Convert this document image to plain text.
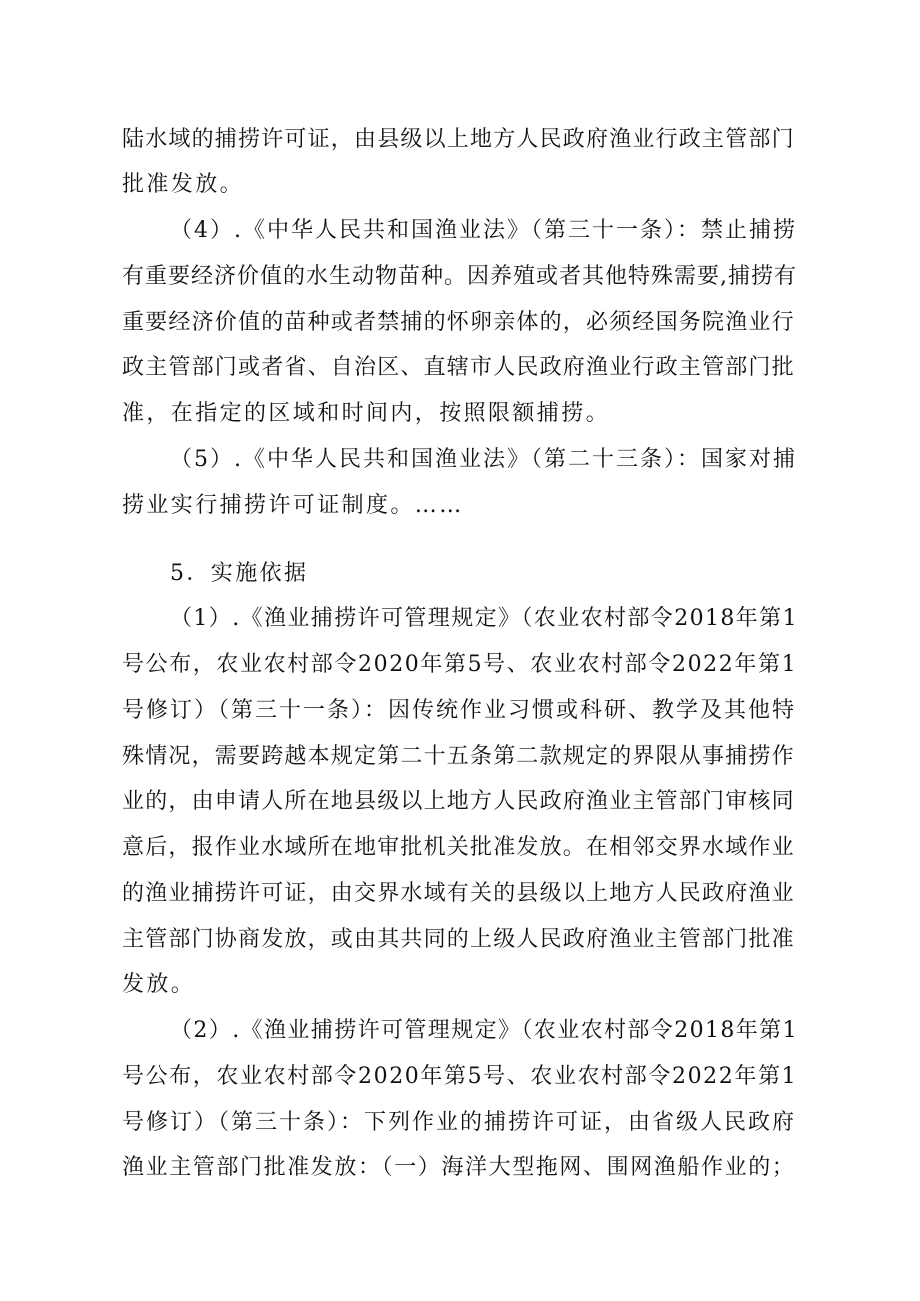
陆水域的捕捞许可证，由县级以上地方人民政府渔业行政主管部门

批准发放。

（4）.《中华人民共和国渔业法》（第三十一条）：禁止捕捞

有重要经济价值的水生动物苗种。因养殖或者其他特殊需要,捕捞有

重要经济价值的苗种或者禁捕的怀卵亲体的，必须经国务院渔业行

政主管部门或者省、自治区、直辖市人民政府渔业行政主管部门批

准，在指定的区域和时间内，按照限额捕捞。

（5）.《中华人民共和国渔业法》（第二十三条）：国家对捕

捞业实行捕捞许可证制度。……

5．实施依据

（1）.《渔业捕捞许可管理规定》（农业农村部令2018年第1

号公布，农业农村部令2020年第5号、农业农村部令2022年第1

号修订）（第三十一条）：因传统作业习惯或科研、教学及其他特

殊情况，需要跨越本规定第二十五条第二款规定的界限从事捕捞作

业的，由申请人所在地县级以上地方人民政府渔业主管部门审核同

意后，报作业水域所在地审批机关批准发放。在相邻交界水域作业

的渔业捕捞许可证，由交界水域有关的县级以上地方人民政府渔业

主管部门协商发放，或由其共同的上级人民政府渔业主管部门批准

发放。

（2）.《渔业捕捞许可管理规定》（农业农村部令2018年第1

号公布，农业农村部令2020年第5号、农业农村部令2022年第1

号修订）（第三十条）：下列作业的捕捞许可证，由省级人民政府

渔业主管部门批准发放：（一）海洋大型拖网、围网渔船作业的；
